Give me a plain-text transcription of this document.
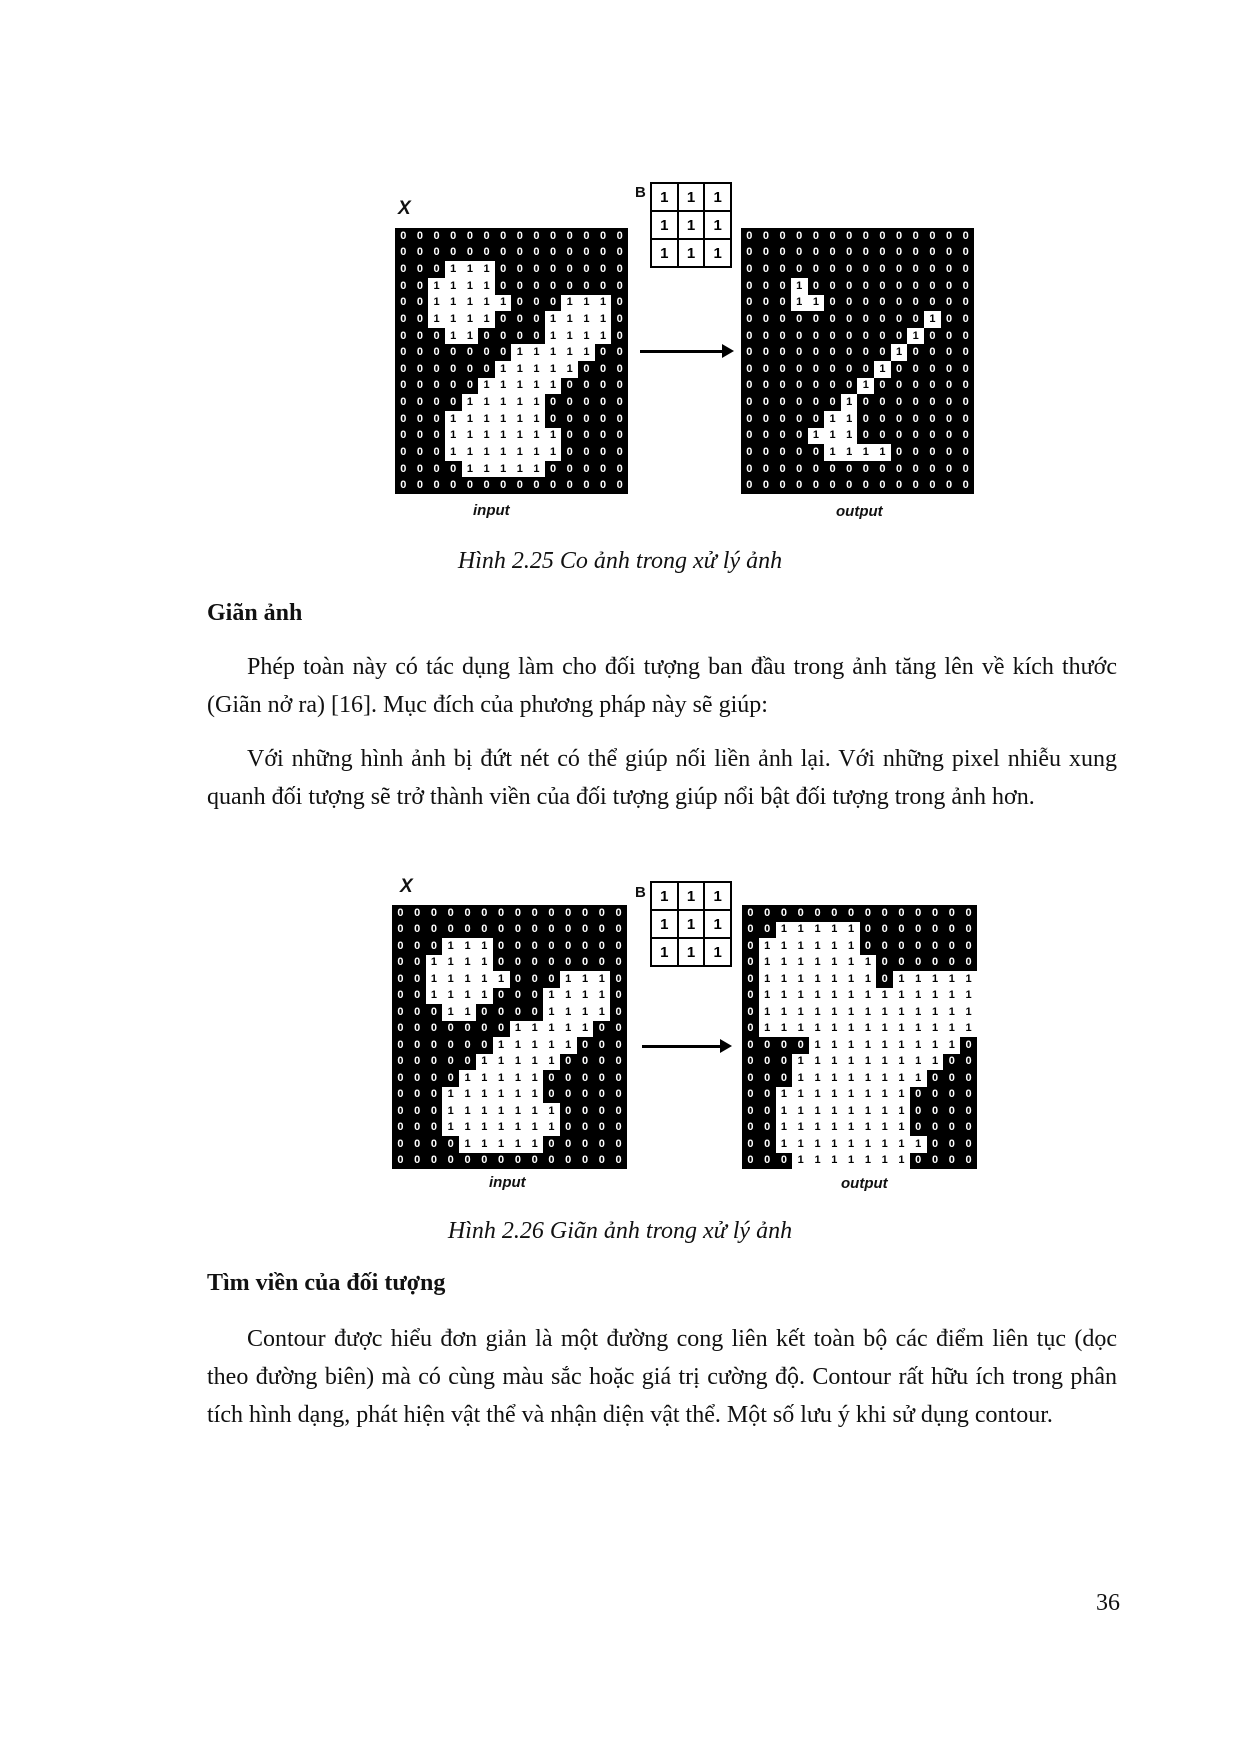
X
B 1	1	1
1	1	1
1	1	1
0 0 0 0 0 0 0 0 0 0 0 0 0 0
0 0 0 0 0 0 0 0 0 0 0 0 0 0
0 0 0 1 1 1 0 0 0 0 0 0 0 0
0 0 1 1 1 1 0 0 0 0 0 0 0 0
0 0 1 1 1 1 1 0 0 0 1 1 1 0
0 0 1 1 1 1 0 0 0 1 1 1 1 0
0 0 0 1 1 0 0 0 0 1 1 1 1 0
0 0 0 0 0 0 0 1 1 1 1 1 0 0
0 0 0 0 0 0 1 1 1 1 1 0 0 0
0 0 0 0 0 1 1 1 1 1 0 0 0 0
0 0 0 0 1 1 1 1 1 0 0 0 0 0
0 0 0 1 1 1 1 1 1 0 0 0 0 0
0 0 0 1 1 1 1 1 1 1 0 0 0 0
0 0 0 1 1 1 1 1 1 1 0 0 0 0
0 0 0 0 1 1 1 1 1 0 0 0 0 0
0 0 0 0 0 0 0 0 0 0 0 0 0 0
0 0 0 0 0 0 0 0 0 0 0 0 0 0
0 0 0 0 0 0 0 0 0 0 0 0 0 0
0 0 0 0 0 0 0 0 0 0 0 0 0 0
0 0 0 1 0 0 0 0 0 0 0 0 0 0
0 0 0 1 1 0 0 0 0 0 0 0 0 0
0 0 0 0 0 0 0 0 0 0 0 1 0 0
0 0 0 0 0 0 0 0 0 0 1 0 0 0
0 0 0 0 0 0 0 0 0 1 0 0 0 0
0 0 0 0 0 0 0 0 1 0 0 0 0 0
0 0 0 0 0 0 0 1 0 0 0 0 0 0
0 0 0 0 0 0 1 0 0 0 0 0 0 0
0 0 0 0 0 1 1 0 0 0 0 0 0 0
0 0 0 0 1 1 1 0 0 0 0 0 0 0
0 0 0 0 0 1 1 1 1 0 0 0 0 0
0 0 0 0 0 0 0 0 0 0 0 0 0 0
0 0 0 0 0 0 0 0 0 0 0 0 0 0
input	output
Hình 2.25 Co ảnh trong xử lý ảnh
Giãn ảnh

Phép toàn này có tác dụng làm cho đối tượng ban đầu trong ảnh tăng lên về kích thước (Giãn nở ra) [16]. Mục đích của phương pháp này sẽ giúp:

Với những hình ảnh bị đứt nét có thể giúp nối liền ảnh lại. Với những pixel nhiễu xung quanh đối tượng sẽ trở thành viền của đối tượng giúp nổi bật đối tượng trong ảnh hơn.

X	B 1	1	1
1	1	1
1	1	1
0 0 0 0 0 0 0 0 0 0 0 0 0 0
0 0 0 0 0 0 0 0 0 0 0 0 0 0
0 0 0 1 1 1 0 0 0 0 0 0 0 0
0 0 1 1 1 1 0 0 0 0 0 0 0 0
0 0 1 1 1 1 1 0 0 0 1 1 1 0
0 0 1 1 1 1 0 0 0 1 1 1 1 0
0 0 0 1 1 0 0 0 0 1 1 1 1 0
0 0 0 0 0 0 0 1 1 1 1 1 0 0
0 0 0 0 0 0 1 1 1 1 1 0 0 0
0 0 0 0 0 1 1 1 1 1 0 0 0 0
0 0 0 0 1 1 1 1 1 0 0 0 0 0
0 0 0 1 1 1 1 1 1 0 0 0 0 0
0 0 0 1 1 1 1 1 1 1 0 0 0 0
0 0 0 1 1 1 1 1 1 1 0 0 0 0
0 0 0 0 1 1 1 1 1 0 0 0 0 0
0 0 0 0 0 0 0 0 0 0 0 0 0 0
0 0 0 0 0 0 0 0 0 0 0 0 0 0
0 0 1 1 1 1 1 0 0 0 0 0 0 0
0 1 1 1 1 1 1 0 0 0 0 0 0 0
0 1 1 1 1 1 1 1 0 0 0 0 0 0
0 1 1 1 1 1 1 1 0 1 1 1 1 1
0 1 1 1 1 1 1 1 1 1 1 1 1 1
0 1 1 1 1 1 1 1 1 1 1 1 1 1
0 1 1 1 1 1 1 1 1 1 1 1 1 1
0 0 0 0 1 1 1 1 1 1 1 1 1 0
0 0 0 1 1 1 1 1 1 1 1 1 0 0
0 0 0 1 1 1 1 1 1 1 1 0 0 0
0 0 1 1 1 1 1 1 1 1 0 0 0 0
0 0 1 1 1 1 1 1 1 1 0 0 0 0
0 0 1 1 1 1 1 1 1 1 0 0 0 0
0 0 1 1 1 1 1 1 1 1 1 0 0 0
0 0 0 1 1 1 1 1 1 1 0 0 0 0
input	output
Hình 2.26 Giãn ảnh trong xử lý ảnh
Tìm viền của đối tượng

Contour được hiểu đơn giản là một đường cong liên kết toàn bộ các điểm liên tục (dọc theo đường biên) mà có cùng màu sắc hoặc giá trị cường độ. Contour rất hữu ích trong phân tích hình dạng, phát hiện vật thể và nhận diện vật thể. Một số lưu ý khi sử dụng contour.

36
